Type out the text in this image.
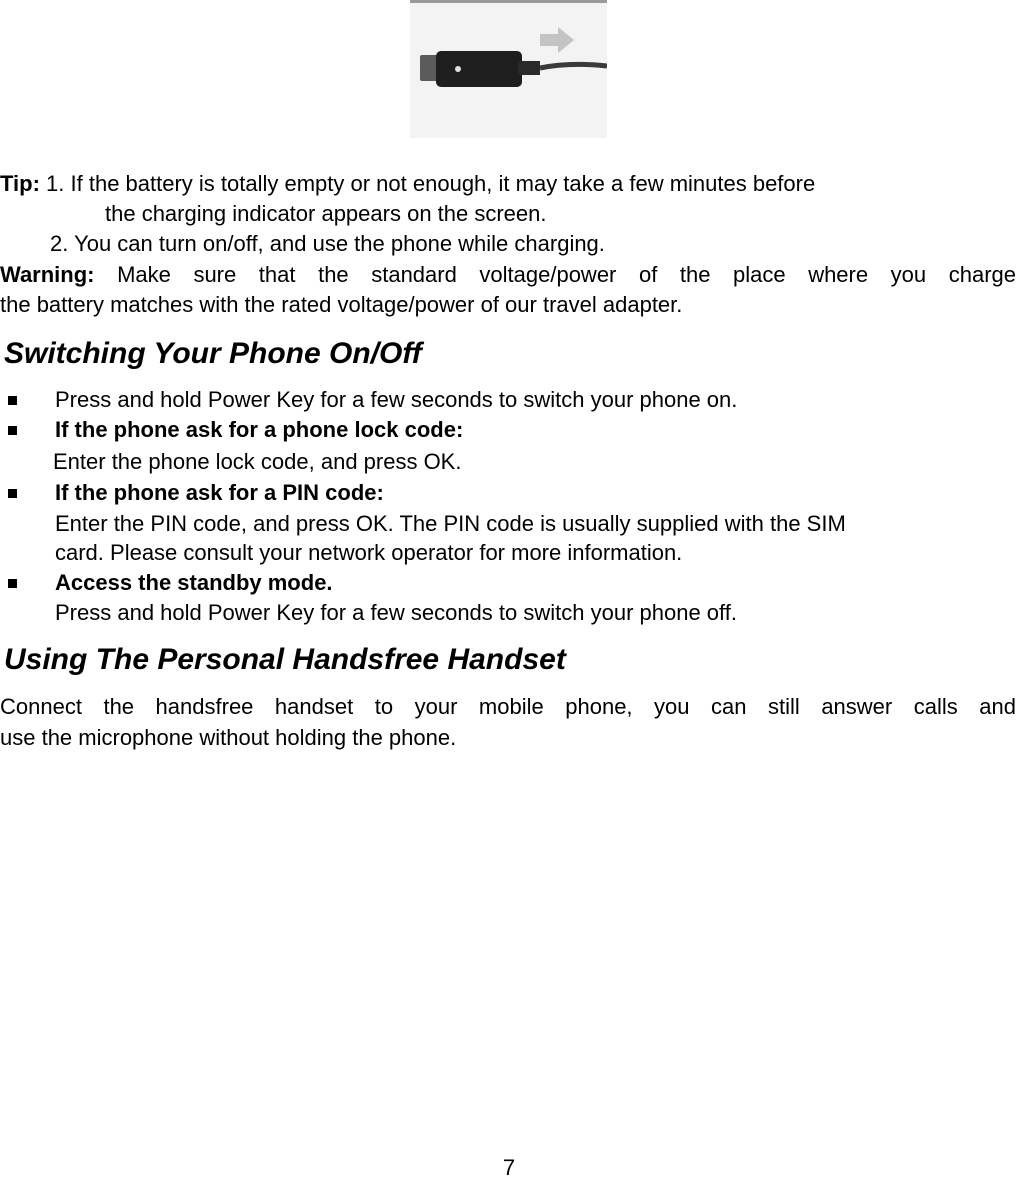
Tip: 1. If the battery is totally empty or not enough, it may take a few minutes before
the charging indicator appears on the screen.
2. You can turn on/off, and use the phone while charging.
Warning: Make sure that the standard voltage/power of the place where you charge
the battery matches with the rated voltage/power of our travel adapter.
Switching Your Phone On/Off
Press and hold Power Key for a few seconds to switch your phone on.
If the phone ask for a phone lock code:
Enter the phone lock code, and press OK.
If the phone ask for a PIN code:
Enter the PIN code, and press OK. The PIN code is usually supplied with the SIM
card. Please consult your network operator for more information.
Access the standby mode.
Press and hold Power Key for a few seconds to switch your phone off.
Using The Personal Handsfree Handset
Connect the handsfree handset to your mobile phone, you can still answer calls and
use the microphone without holding the phone.
7
